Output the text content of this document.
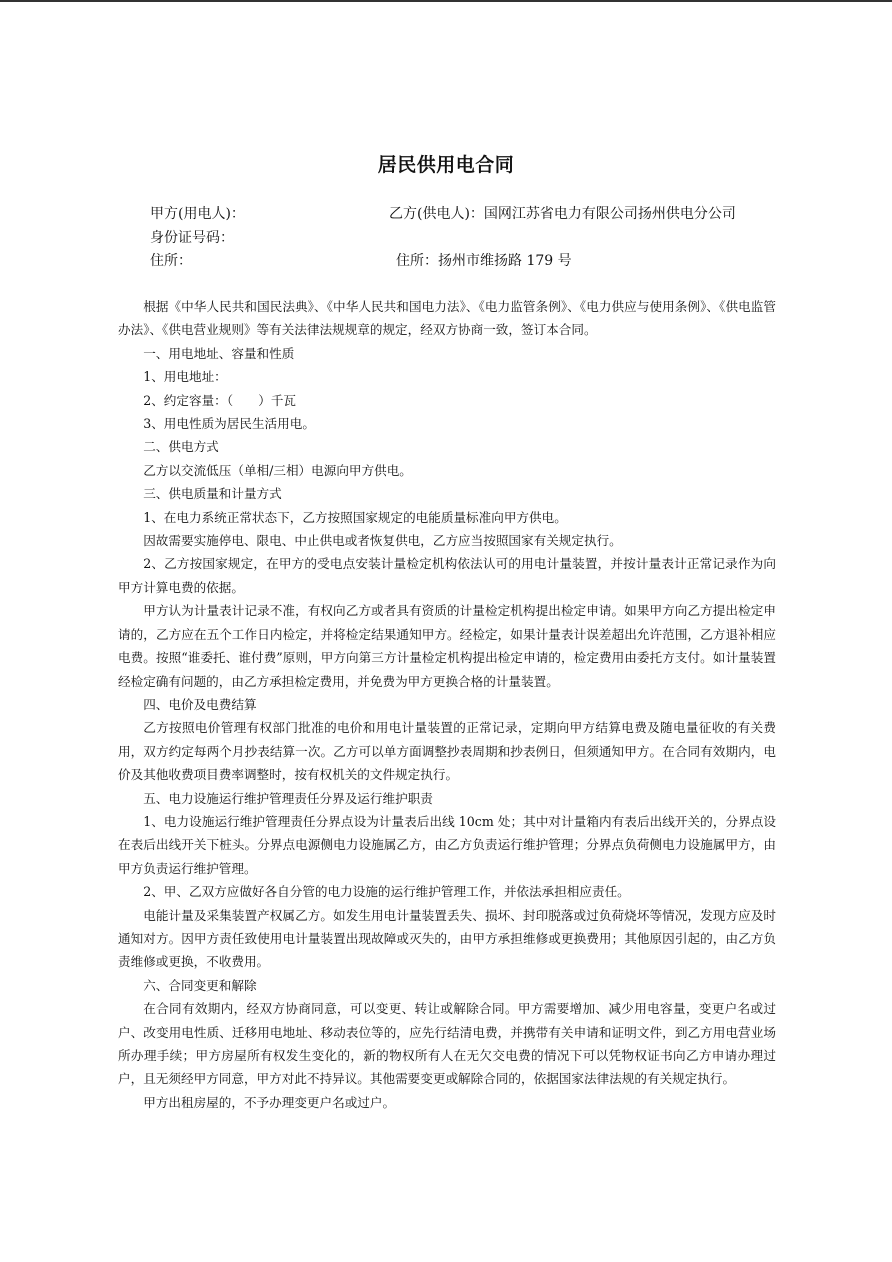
居民供用电合同
甲方(用电人)：	乙方(供电人)：国网江苏省电力有限公司扬州供电分公司
身份证号码：
住所：	住所：扬州市维扬路 179 号

根据《中华人民共和国民法典》、《中华人民共和国电力法》、《电力监管条例》、《电力供应与使用条例》、《供电监管办法》、《供电营业规则》等有关法律法规规章的规定，经双方协商一致，签订本合同。

一、用电地址、容量和性质

1、用电地址：

2、约定容量：（　　）千瓦

3、用电性质为居民生活用电。

二、供电方式

乙方以交流低压（单相/三相）电源向甲方供电。

三、供电质量和计量方式

1、在电力系统正常状态下，乙方按照国家规定的电能质量标准向甲方供电。

因故需要实施停电、限电、中止供电或者恢复供电，乙方应当按照国家有关规定执行。

2、乙方按国家规定，在甲方的受电点安装计量检定机构依法认可的用电计量装置，并按计量表计正常记录作为向甲方计算电费的依据。

甲方认为计量表计记录不准，有权向乙方或者具有资质的计量检定机构提出检定申请。如果甲方向乙方提出检定申请的，乙方应在五个工作日内检定，并将检定结果通知甲方。经检定，如果计量表计误差超出允许范围，乙方退补相应电费。按照“谁委托、谁付费”原则，甲方向第三方计量检定机构提出检定申请的，检定费用由委托方支付。如计量装置经检定确有问题的，由乙方承担检定费用，并免费为甲方更换合格的计量装置。

四、电价及电费结算

乙方按照电价管理有权部门批准的电价和用电计量装置的正常记录，定期向甲方结算电费及随电量征收的有关费用，双方约定每两个月抄表结算一次。乙方可以单方面调整抄表周期和抄表例日，但须通知甲方。在合同有效期内，电价及其他收费项目费率调整时，按有权机关的文件规定执行。

五、电力设施运行维护管理责任分界及运行维护职责

1、电力设施运行维护管理责任分界点设为计量表后出线 10cm 处；其中对计量箱内有表后出线开关的，分界点设在表后出线开关下桩头。分界点电源侧电力设施属乙方，由乙方负责运行维护管理；分界点负荷侧电力设施属甲方，由甲方负责运行维护管理。

2、甲、乙双方应做好各自分管的电力设施的运行维护管理工作，并依法承担相应责任。

电能计量及采集装置产权属乙方。如发生用电计量装置丢失、损坏、封印脱落或过负荷烧坏等情况，发现方应及时通知对方。因甲方责任致使用电计量装置出现故障或灭失的，由甲方承担维修或更换费用；其他原因引起的，由乙方负责维修或更换，不收费用。

六、合同变更和解除

在合同有效期内，经双方协商同意，可以变更、转让或解除合同。甲方需要增加、减少用电容量，变更户名或过户、改变用电性质、迁移用电地址、移动表位等的，应先行结清电费，并携带有关申请和证明文件，到乙方用电营业场所办理手续；甲方房屋所有权发生变化的，新的物权所有人在无欠交电费的情况下可以凭物权证书向乙方申请办理过户，且无须经甲方同意，甲方对此不持异议。其他需要变更或解除合同的，依据国家法律法规的有关规定执行。

甲方出租房屋的，不予办理变更户名或过户。
